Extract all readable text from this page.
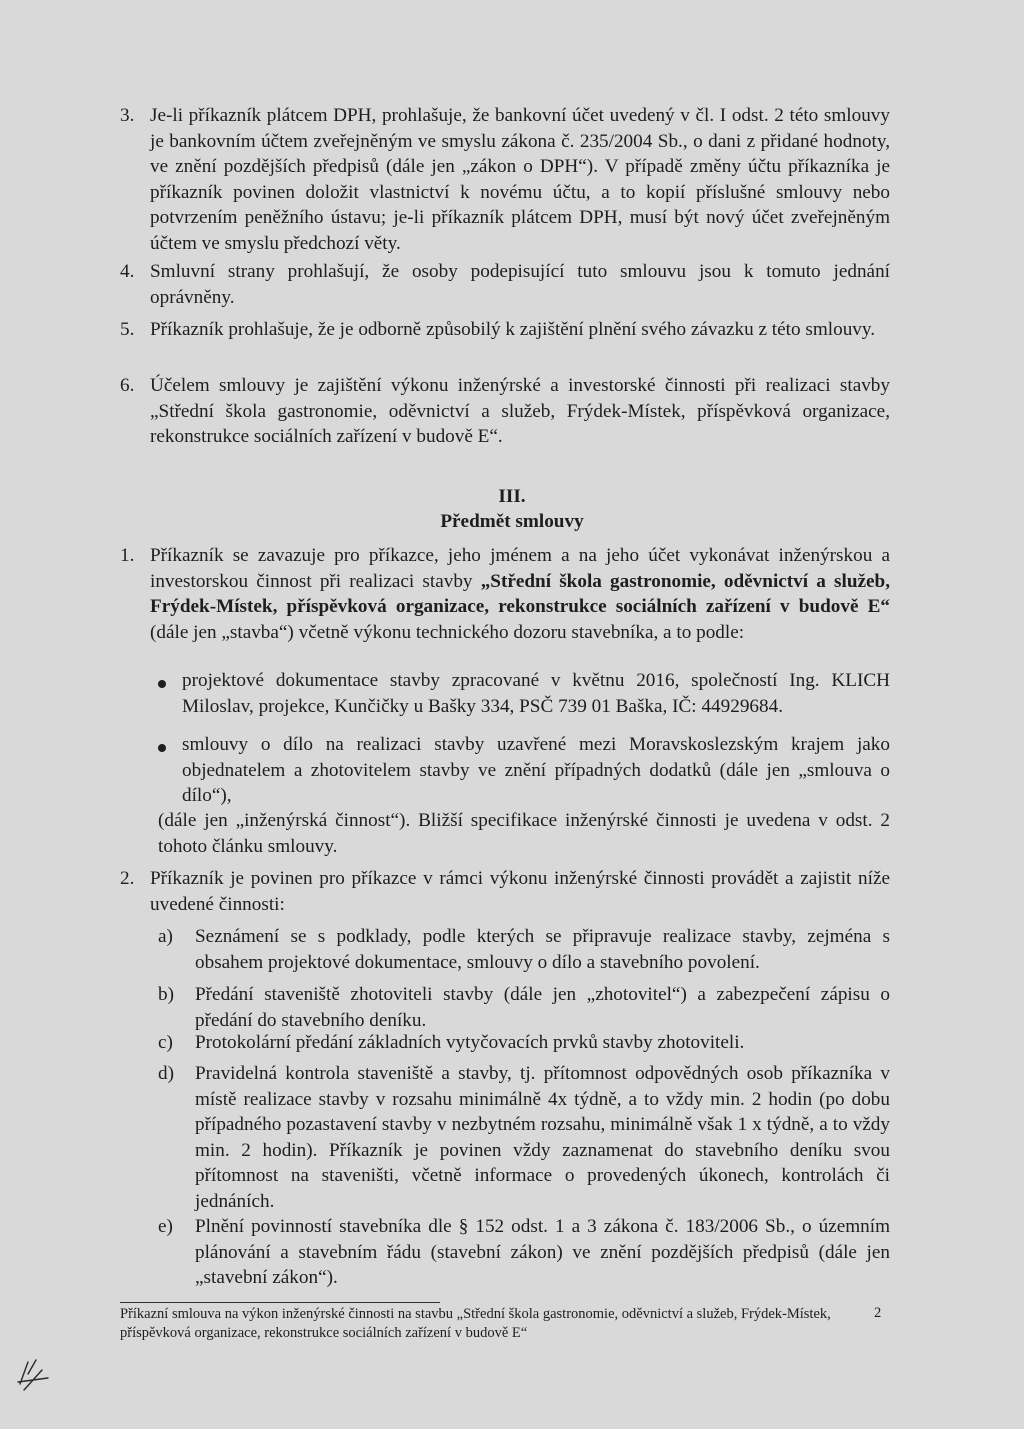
3. Je-li příkazník plátcem DPH, prohlašuje, že bankovní účet uvedený v čl. I odst. 2 této smlouvy je bankovním účtem zveřejněným ve smyslu zákona č. 235/2004 Sb., o dani z přidané hodnoty, ve znění pozdějších předpisů (dále jen „zákon o DPH“). V případě změny účtu příkazníka je příkazník povinen doložit vlastnictví k novému účtu, a to kopií příslušné smlouvy nebo potvrzením peněžního ústavu; je-li příkazník plátcem DPH, musí být nový účet zveřejněným účtem ve smyslu předchozí věty.
4. Smluvní strany prohlašují, že osoby podepisující tuto smlouvu jsou k tomuto jednání oprávněny.
5. Příkazník prohlašuje, že je odborně způsobilý k zajištění plnění svého závazku z této smlouvy.
6. Účelem smlouvy je zajištění výkonu inženýrské a investorské činnosti při realizaci stavby „Střední škola gastronomie, oděvnictví a služeb, Frýdek-Místek, příspěvková organizace, rekonstrukce sociálních zařízení v budově E“.
III.
Předmět smlouvy
1. Příkazník se zavazuje pro příkazce, jeho jménem a na jeho účet vykonávat inženýrskou a investorskou činnost při realizaci stavby „Střední škola gastronomie, oděvnictví a služeb, Frýdek-Místek, příspěvková organizace, rekonstrukce sociálních zařízení v budově E“ (dále jen „stavba“) včetně výkonu technického dozoru stavebníka, a to podle:
projektové dokumentace stavby zpracované v květnu 2016, společností Ing. KLICH Miloslav, projekce, Kunčičky u Bašky 334, PSČ 739 01 Baška, IČ: 44929684.
smlouvy o dílo na realizaci stavby uzavřené mezi Moravskoslezským krajem jako objednatelem a zhotovitelem stavby ve znění případných dodatků (dále jen „smlouva o dílo“),
(dále jen „inženýrská činnost“). Bližší specifikace inženýrské činnosti je uvedena v odst. 2 tohoto článku smlouvy.
2. Příkazník je povinen pro příkazce v rámci výkonu inženýrské činnosti provádět a zajistit níže uvedené činnosti:
a) Seznámení se s podklady, podle kterých se připravuje realizace stavby, zejména s obsahem projektové dokumentace, smlouvy o dílo a stavebního povolení.
b) Předání staveniště zhotoviteli stavby (dále jen „zhotovitel“) a zabezpečení zápisu o předání do stavebního deníku.
c) Protokolární předání základních vytyčovacích prvků stavby zhotoviteli.
d) Pravidelná kontrola staveniště a stavby, tj. přítomnost odpovědných osob příkazníka v místě realizace stavby v rozsahu minimálně 4x týdně, a to vždy min. 2 hodin (po dobu případného pozastavení stavby v nezbytném rozsahu, minimálně však 1 x týdně, a to vždy min. 2 hodin). Příkazník je povinen vždy zaznamenat do stavebního deníku svou přítomnost na staveništi, včetně informace o provedených úkonech, kontrolách či jednáních.
e) Plnění povinností stavebníka dle § 152 odst. 1 a 3 zákona č. 183/2006 Sb., o územním plánování a stavebním řádu (stavební zákon) ve znění pozdějších předpisů (dále jen „stavební zákon“).
Příkazní smlouva na výkon inženýrské činnosti na stavbu „Střední škola gastronomie, oděvnictví a služeb, Frýdek-Místek,
příspěvková organizace, rekonstrukce sociálních zařízení v budově E“
2
